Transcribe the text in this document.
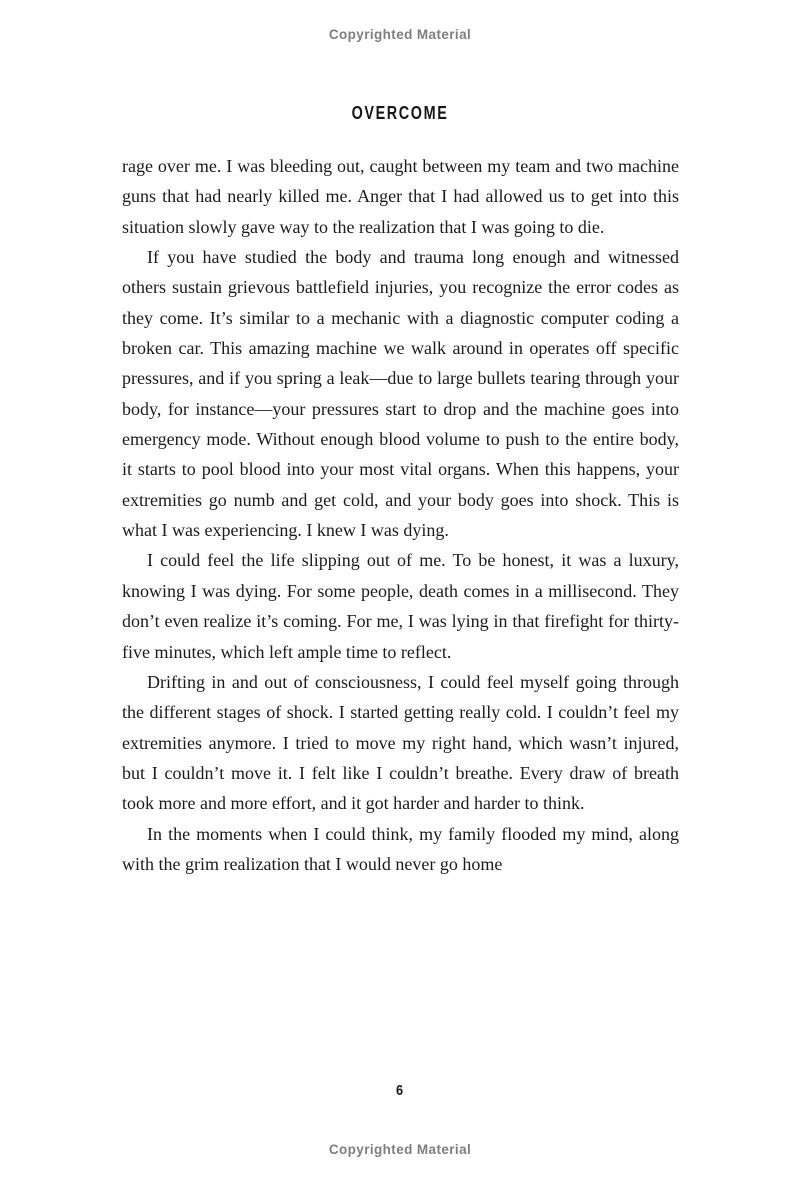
Copyrighted Material
OVERCOME

rage over me. I was bleeding out, caught between my team and two machine guns that had nearly killed me. Anger that I had allowed us to get into this situation slowly gave way to the realization that I was going to die.

If you have studied the body and trauma long enough and witnessed others sustain grievous battlefield injuries, you recognize the error codes as they come. It’s similar to a mechanic with a diagnostic computer coding a broken car. This amazing machine we walk around in operates off specific pressures, and if you spring a leak—due to large bullets tearing through your body, for instance—your pressures start to drop and the machine goes into emergency mode. Without enough blood volume to push to the entire body, it starts to pool blood into your most vital organs. When this happens, your extremities go numb and get cold, and your body goes into shock. This is what I was experiencing. I knew I was dying.

I could feel the life slipping out of me. To be honest, it was a luxury, knowing I was dying. For some people, death comes in a millisecond. They don’t even realize it’s coming. For me, I was lying in that firefight for thirty-five minutes, which left ample time to reflect.

Drifting in and out of consciousness, I could feel myself going through the different stages of shock. I started getting really cold. I couldn’t feel my extremities anymore. I tried to move my right hand, which wasn’t injured, but I couldn’t move it. I felt like I couldn’t breathe. Every draw of breath took more and more effort, and it got harder and harder to think.

In the moments when I could think, my family flooded my mind, along with the grim realization that I would never go home

6
Copyrighted Material
